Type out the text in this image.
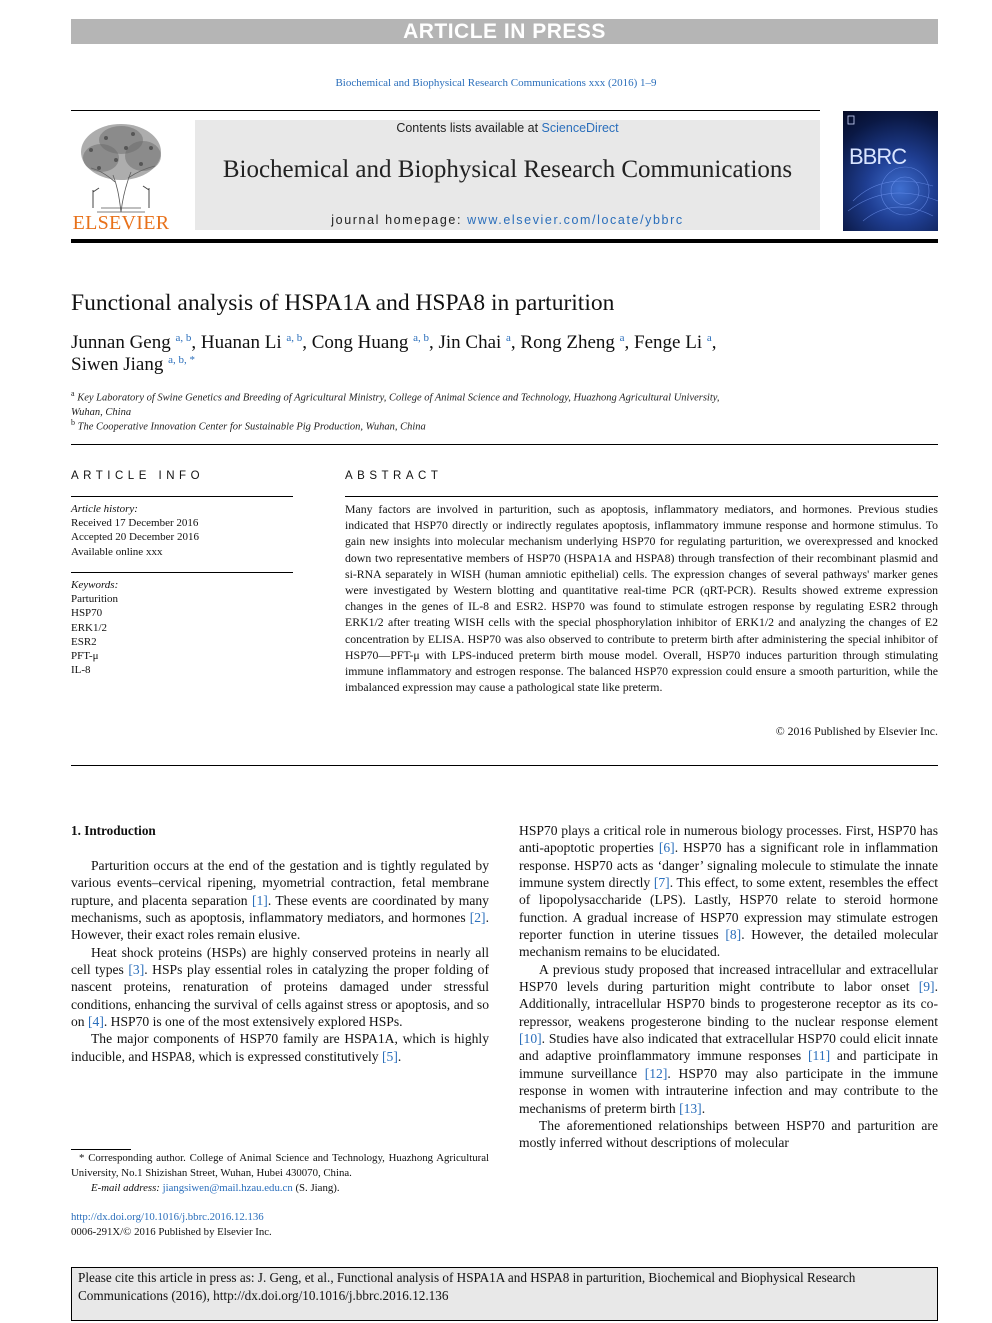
ARTICLE IN PRESS
Biochemical and Biophysical Research Communications xxx (2016) 1–9
ELSEVIER
Contents lists available at ScienceDirect
Biochemical and Biophysical Research Communications
journal homepage: www.elsevier.com/locate/ybbrc
BBRC
Functional analysis of HSPA1A and HSPA8 in parturition
Junnan Geng $^{a, b}$, Huanan Li $^{a, b}$, Cong Huang $^{a, b}$, Jin Chai $^a$, Rong Zheng $^a$, Fenge Li $^a$,
Siwen Jiang $^{a, b, *}$
$^a$ Key Laboratory of Swine Genetics and Breeding of Agricultural Ministry, College of Animal Science and Technology, Huazhong Agricultural University,
Wuhan, China
$^b$ The Cooperative Innovation Center for Sustainable Pig Production, Wuhan, China
ARTICLE INFO
Article history:
Received 17 December 2016
Accepted 20 December 2016
Available online xxx
Keywords:
Parturition
HSP70
ERK1/2
ESR2
PFT-μ
IL-8
ABSTRACT
Many factors are involved in parturition, such as apoptosis, inflammatory mediators, and hormones. Previous studies indicated that HSP70 directly or indirectly regulates apoptosis, inflammatory immune response and hormone stimulus. To gain new insights into molecular mechanism underlying HSP70 for regulating parturition, we overexpressed and knocked down two representative members of HSP70 (HSPA1A and HSPA8) through transfection of their recombinant plasmid and si-RNA separately in WISH (human amniotic epithelial) cells. The expression changes of several pathways' marker genes were investigated by Western blotting and quantitative real-time PCR (qRT-PCR). Results showed extreme expression changes in the genes of IL-8 and ESR2. HSP70 was found to stimulate estrogen response by regulating ESR2 through ERK1/2 after treating WISH cells with the special phosphorylation inhibitor of ERK1/2 and analyzing the changes of E2 concentration by ELISA. HSP70 was also observed to contribute to preterm birth after administering the special inhibitor of HSP70—PFT-μ with LPS-induced preterm birth mouse model. Overall, HSP70 induces parturition through stimulating immune inflammatory and estrogen response. The balanced HSP70 expression could ensure a smooth parturition, while the imbalanced expression may cause a pathological state like preterm.
© 2016 Published by Elsevier Inc.
1. Introduction

Parturition occurs at the end of the gestation and is tightly regulated by various events–cervical ripening, myometrial contraction, fetal membrane rupture, and placenta separation [1]. These events are coordinated by many mechanisms, such as apoptosis, inflammatory mediators, and hormones [2]. However, their exact roles remain elusive.

Heat shock proteins (HSPs) are highly conserved proteins in nearly all cell types [3]. HSPs play essential roles in catalyzing the proper folding of nascent proteins, renaturation of proteins damaged under stressful conditions, enhancing the survival of cells against stress or apoptosis, and so on [4]. HSP70 is one of the most extensively explored HSPs.

The major components of HSP70 family are HSPA1A, which is highly inducible, and HSPA8, which is expressed constitutively [5].

HSP70 plays a critical role in numerous biology processes. First, HSP70 has anti-apoptotic properties [6]. HSP70 has a significant role in inflammation response. HSP70 acts as ‘danger’ signaling molecule to stimulate the innate immune system directly [7]. This effect, to some extent, resembles the effect of lipopolysaccharide (LPS). Lastly, HSP70 relate to steroid hormone function. A gradual increase of HSP70 expression may stimulate estrogen reporter function in uterine tissues [8]. However, the detailed molecular mechanism remains to be elucidated.

A previous study proposed that increased intracellular and extracellular HSP70 levels during parturition might contribute to labor onset [9]. Additionally, intracellular HSP70 binds to progesterone receptor as its co-repressor, weakens progesterone binding to the nuclear response element [10]. Studies have also indicated that extracellular HSP70 could elicit innate and adaptive proinflammatory immune responses [11] and participate in immune surveillance [12]. HSP70 may also participate in the immune response in women with intrauterine infection and may contribute to the mechanisms of preterm birth [13].

The aforementioned relationships between HSP70 and parturition are mostly inferred without descriptions of molecular

* Corresponding author. College of Animal Science and Technology, Huazhong Agricultural University, No.1 Shizishan Street, Wuhan, Hubei 430070, China.
E-mail address: jiangsiwen@mail.hzau.edu.cn (S. Jiang).
http://dx.doi.org/10.1016/j.bbrc.2016.12.136
0006-291X/© 2016 Published by Elsevier Inc.
Please cite this article in press as: J. Geng, et al., Functional analysis of HSPA1A and HSPA8 in parturition, Biochemical and Biophysical Research Communications (2016), http://dx.doi.org/10.1016/j.bbrc.2016.12.136
